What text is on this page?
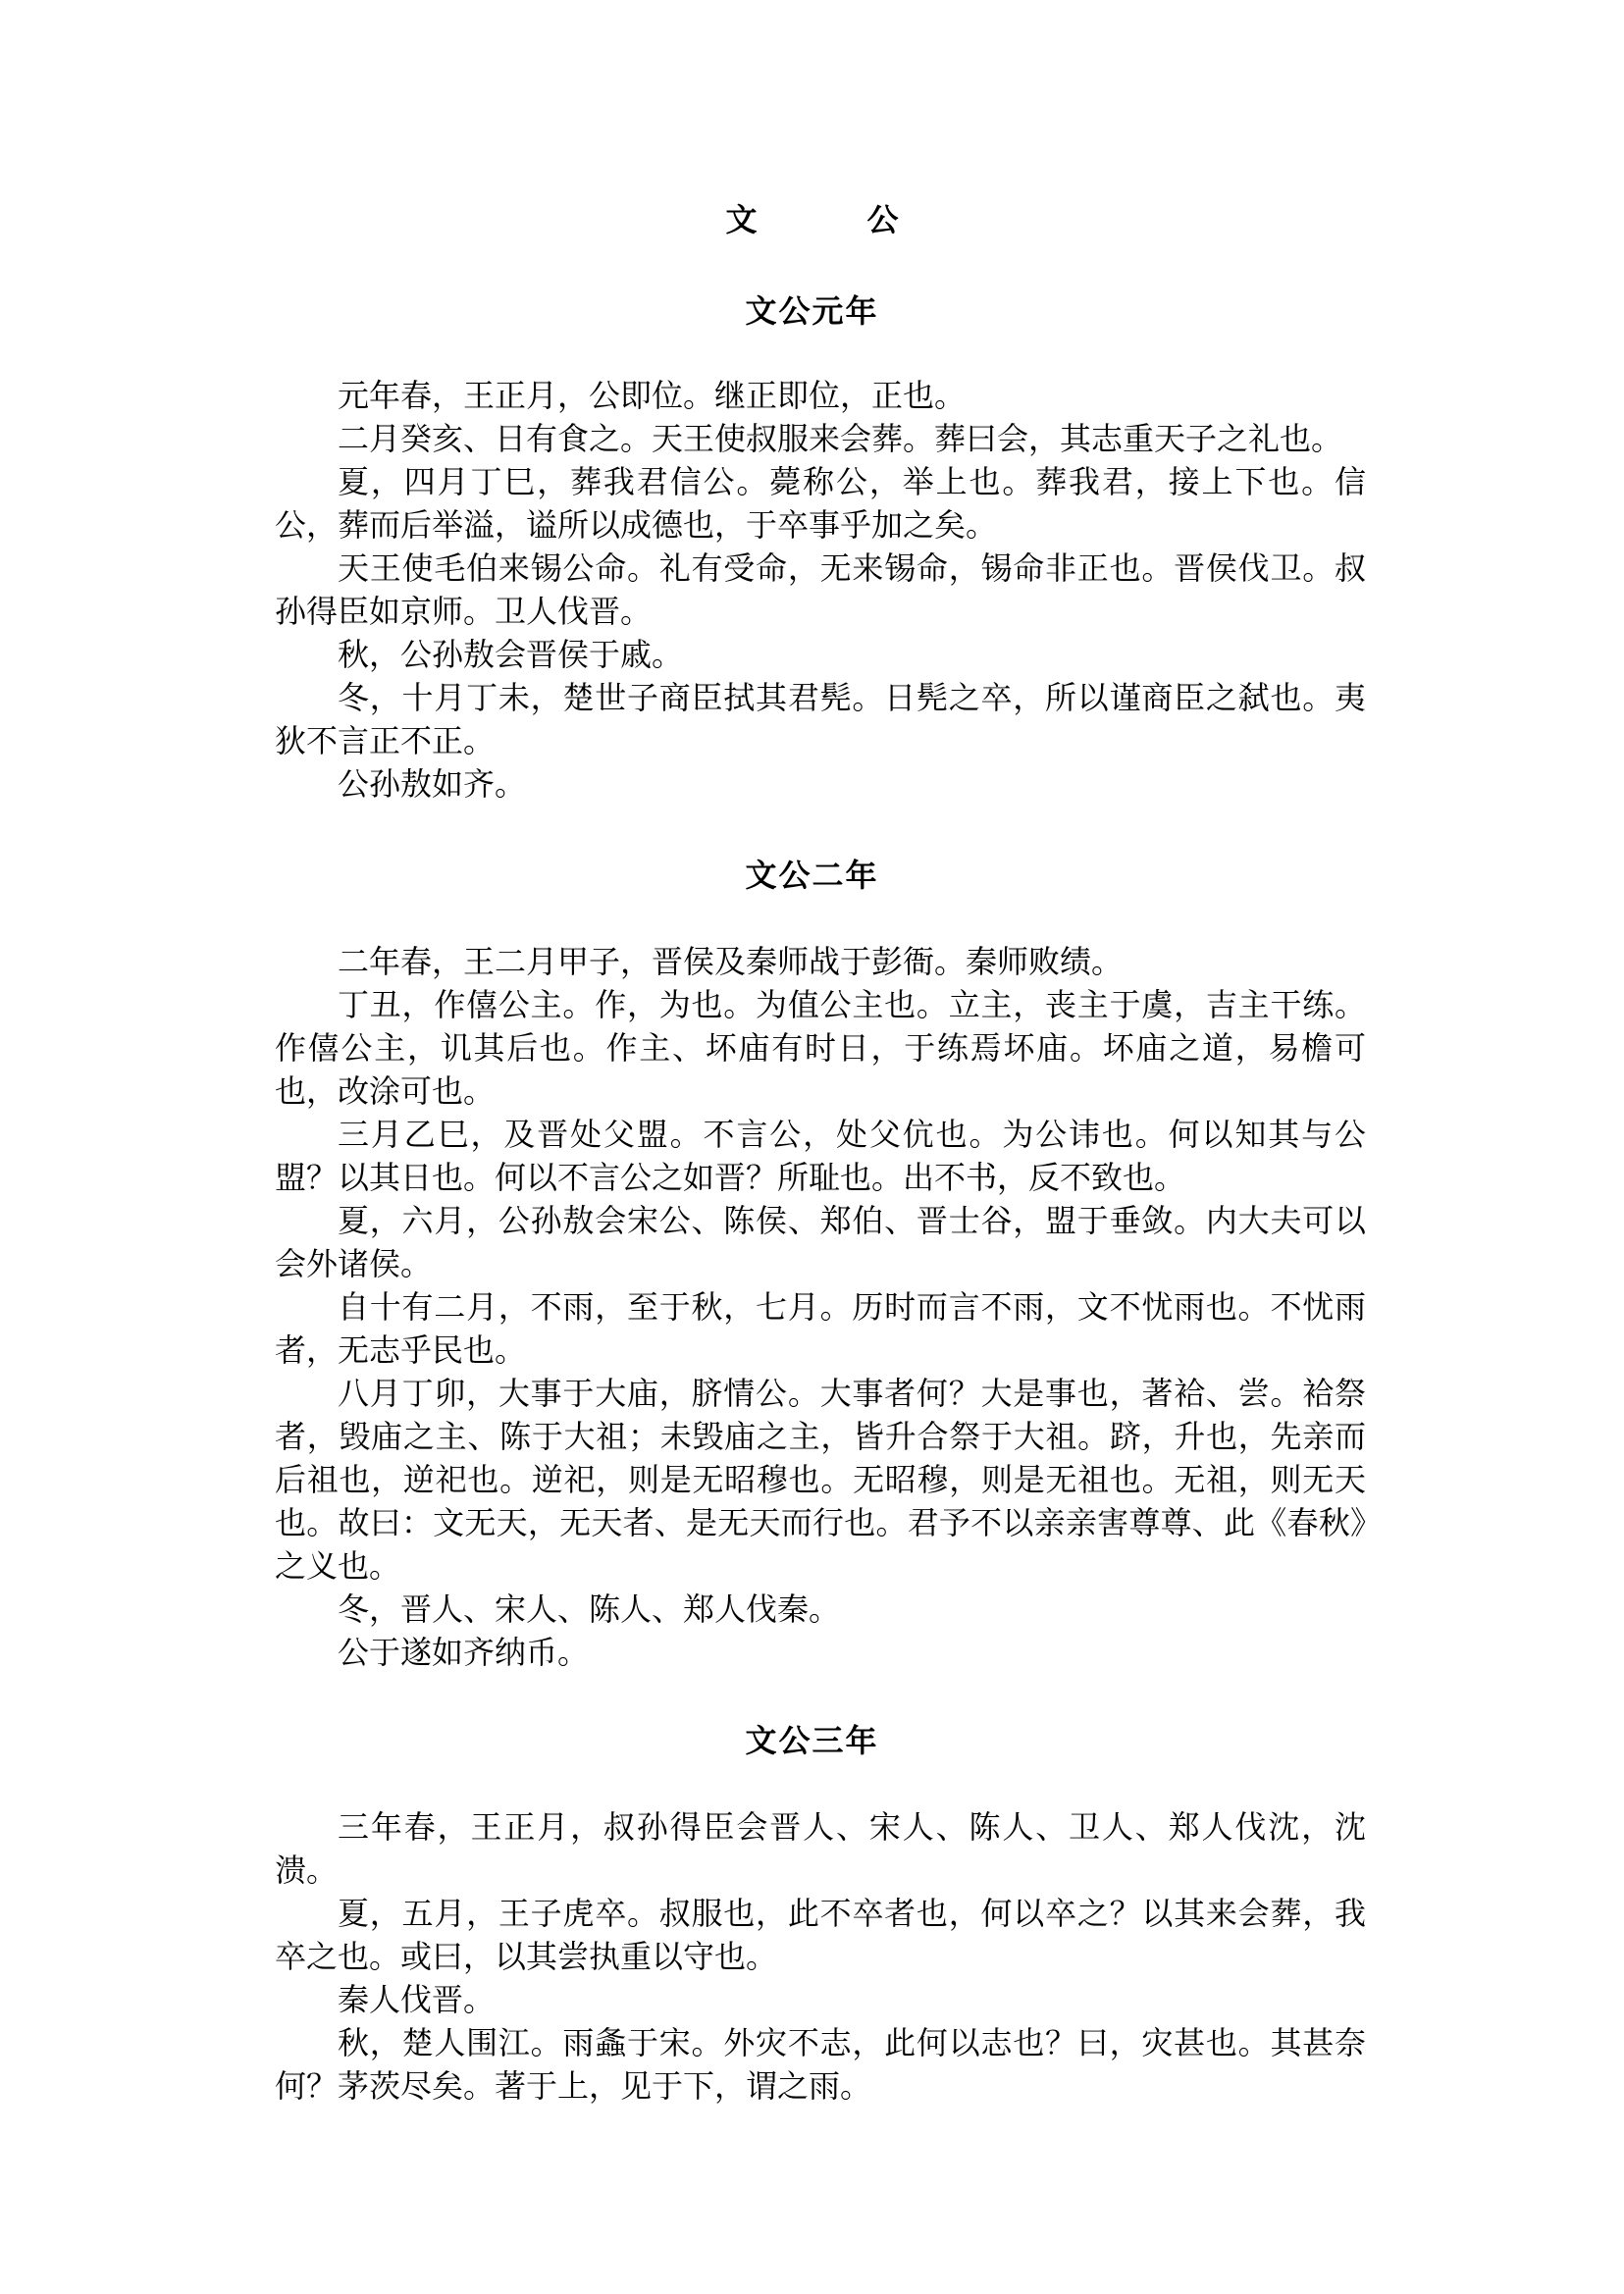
文　公
文公元年

元年春，王正月，公即位。继正即位，正也。

二月癸亥、日有食之。天王使叔服来会葬。葬曰会，其志重天子之礼也。

夏，四月丁巳，葬我君信公。薨称公，举上也。葬我君，接上下也。信公，葬而后举溢，谥所以成德也，于卒事乎加之矣。

天王使毛伯来锡公命。礼有受命，无来锡命，锡命非正也。晋侯伐卫。叔孙得臣如京师。卫人伐晋。

秋，公孙敖会晋侯于戚。

冬，十月丁未，楚世子商臣拭其君髡。日髡之卒，所以谨商臣之弑也。夷狄不言正不正。

公孙敖如齐。

文公二年

二年春，王二月甲子，晋侯及秦师战于彭衙。秦师败绩。

丁丑，作僖公主。作，为也。为值公主也。立主，丧主于虞，吉主干练。作僖公主，讥其后也。作主、坏庙有时日，于练焉坏庙。坏庙之道，易檐可也，改涂可也。

三月乙巳，及晋处父盟。不言公，处父伉也。为公讳也。何以知其与公盟？以其日也。何以不言公之如晋？所耻也。出不书，反不致也。

夏，六月，公孙敖会宋公、陈侯、郑伯、晋士谷，盟于垂敛。内大夫可以会外诸侯。

自十有二月，不雨，至于秋，七月。历时而言不雨，文不忧雨也。不忧雨者，无志乎民也。

八月丁卯，大事于大庙，脐情公。大事者何？大是事也，著袷、尝。袷祭者，毁庙之主、陈于大祖；未毁庙之主，皆升合祭于大祖。跻，升也，先亲而后祖也，逆祀也。逆祀，则是无昭穆也。无昭穆，则是无祖也。无祖，则无天也。故曰：文无天，无天者、是无天而行也。君予不以亲亲害尊尊、此《春秋》之义也。

冬，晋人、宋人、陈人、郑人伐秦。

公于遂如齐纳币。

文公三年

三年春，王正月，叔孙得臣会晋人、宋人、陈人、卫人、郑人伐沈，沈溃。

夏，五月，王子虎卒。叔服也，此不卒者也，何以卒之？以其来会葬，我卒之也。或曰，以其尝执重以守也。

秦人伐晋。

秋，楚人围江。雨螽于宋。外灾不志，此何以志也？曰，灾甚也。其甚奈何？茅茨尽矣。著于上，见于下，谓之雨。
